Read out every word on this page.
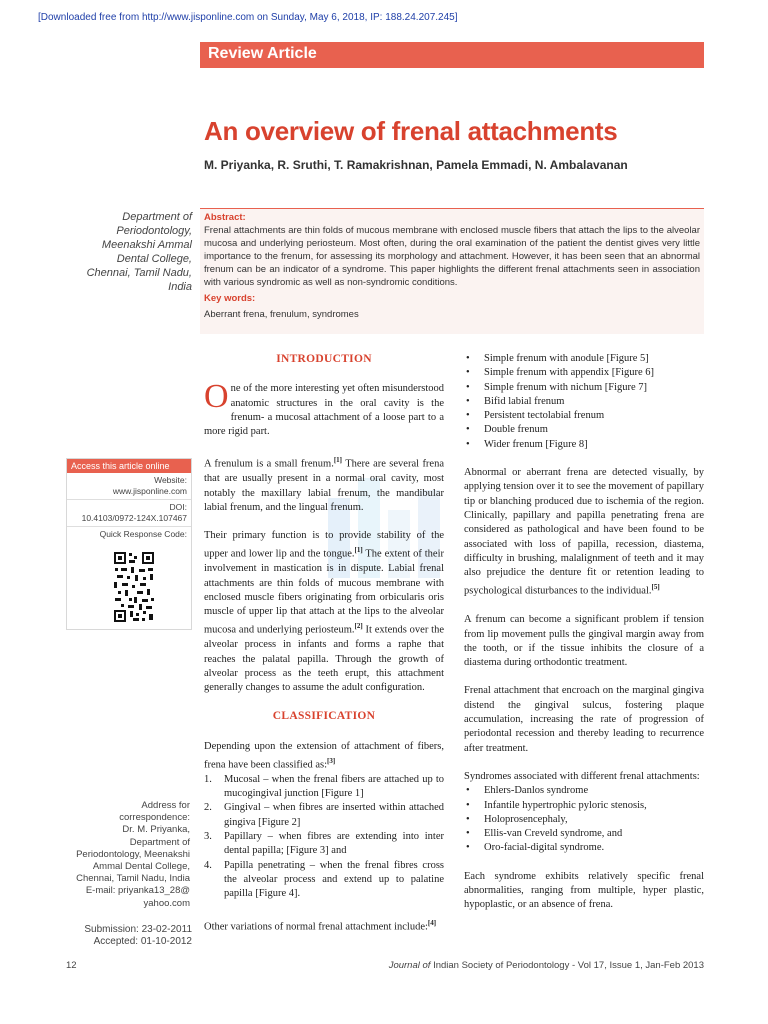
[Downloaded free from http://www.jisponline.com on Sunday, May 6, 2018, IP: 188.24.207.245]
Review Article
An overview of frenal attachments
M. Priyanka, R. Sruthi, T. Ramakrishnan, Pamela Emmadi, N. Ambalavanan
Department of
Periodontology,
Meenakshi Ammal
Dental College,
Chennai, Tamil Nadu,
India
Abstract:
Frenal attachments are thin folds of mucous membrane with enclosed muscle fibers that attach the lips to the alveolar mucosa and underlying periosteum. Most often, during the oral examination of the patient the dentist gives very little importance to the frenum, for assessing its morphology and attachment. However, it has been seen that an abnormal frenum can be an indicator of a syndrome. This paper highlights the different frenal attachments seen in association with various syndromic as well as non-syndromic conditions.
Key words:
Aberrant frena, frenulum, syndromes
Access this article online
Website:
www.jisponline.com
DOI:
10.4103/0972-124X.107467
Quick Response Code:
Address for
correspondence:
Dr. M. Priyanka,
Department of
Periodontology, Meenakshi
Ammal Dental College,
Chennai, Tamil Nadu, India
E-mail: priyanka13_28@
yahoo.com
Submission: 23-02-2011
Accepted: 01-10-2012
INTRODUCTION
One of the more interesting yet often misunderstood anatomic structures in the oral cavity is the frenum- a mucosal attachment of a loose part to a more rigid part.
A frenulum is a small frenum.[1] There are several frena that are usually present in a normal oral cavity, most notably the maxillary labial frenum, the mandibular labial frenum, and the lingual frenum.
Their primary function is to provide stability of the upper and lower lip and the tongue.[1] The extent of their involvement in mastication is in dispute. Labial frenal attachments are thin folds of mucous membrane with enclosed muscle fibers originating from orbicularis oris muscle of upper lip that attach at the lips to the alveolar mucosa and underlying periosteum.[2] It extends over the alveolar process in infants and forms a raphe that reaches the palatal papilla. Through the growth of alveolar process as the teeth erupt, this attachment generally changes to assume the adult configuration.
CLASSIFICATION
Depending upon the extension of attachment of fibers, frena have been classified as:[3]
1. Mucosal – when the frenal fibers are attached up to mucogingival junction [Figure 1]
2. Gingival – when fibres are inserted within attached gingiva [Figure 2]
3. Papillary – when fibres are extending into inter dental papilla; [Figure 3] and
4. Papilla penetrating – when the frenal fibres cross the alveolar process and extend up to palatine papilla [Figure 4].
Other variations of normal frenal attachment include:[4]
• Simple frenum with anodule [Figure 5]
• Simple frenum with appendix [Figure 6]
• Simple frenum with nichum [Figure 7]
• Bifid labial frenum
• Persistent tectolabial frenum
• Double frenum
• Wider frenum [Figure 8]
Abnormal or aberrant frena are detected visually, by applying tension over it to see the movement of papillary tip or blanching produced due to ischemia of the region. Clinically, papillary and papilla penetrating frena are considered as pathological and have been found to be associated with loss of papilla, recession, diastema, difficulty in brushing, malalignment of teeth and it may also prejudice the denture fit or retention leading to psychological disturbances to the individual.[5]
A frenum can become a significant problem if tension from lip movement pulls the gingival margin away from the tooth, or if the tissue inhibits the closure of a diastema during orthodontic treatment.
Frenal attachment that encroach on the marginal gingiva distend the gingival sulcus, fostering plaque accumulation, increasing the rate of progression of periodontal recession and thereby leading to recurrence after treatment.
Syndromes associated with different frenal attachments:
• Ehlers-Danlos syndrome
• Infantile hypertrophic pyloric stenosis,
• Holoprosencephaly,
• Ellis-van Creveld syndrome, and
• Oro-facial-digital syndrome.
Each syndrome exhibits relatively specific frenal abnormalities, ranging from multiple, hyper plastic, hypoplastic, or an absence of frena.
12	Journal of Indian Society of Periodontology - Vol 17, Issue 1, Jan-Feb 2013
